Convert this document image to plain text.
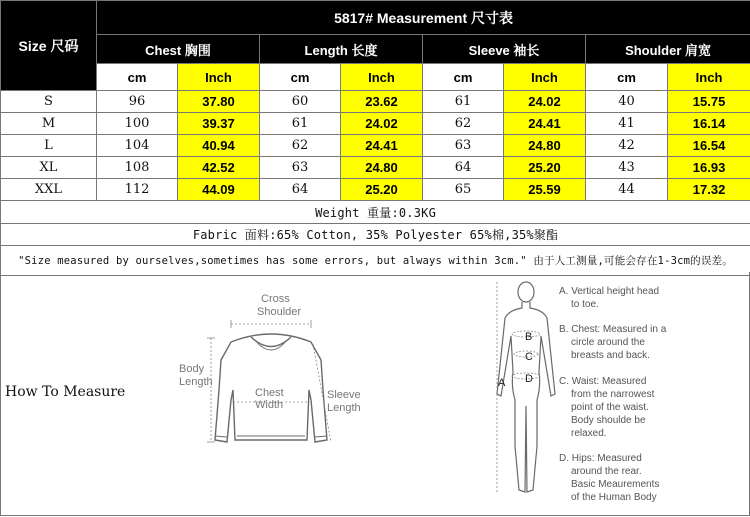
Size 尺码	5817# Measurement 尺寸表							
	Chest 胸围		Length 长度		Sleeve 袖长		Shoulder 肩宽	
	cm	Inch	cm	Inch	cm	Inch	cm	Inch
S	96	37.80	60	23.62	61	24.02	40	15.75
M	100	39.37	61	24.02	62	24.41	41	16.14
L	104	40.94	62	24.41	63	24.80	42	16.54
XL	108	42.52	63	24.80	64	25.20	43	16.93
XXL	112	44.09	64	25.20	65	25.59	44	17.32
Weight 重量:0.3KG								
Fabric 面料:65% Cotton, 35% Polyester 65%棉,35%聚酯								
"Size measured by ourselves,sometimes has some errors, but always within 3cm." 由于人工测量,可能会存在1-3cm的误差。								
How To Measure
Cross
Shoulder
Body
Length
Chest
Width
Sleeve
Length
B
C
D
A
A. Vertical height head
to toe.
B. Chest: Measured in a
circle around the
breasts and back.
C. Waist: Measured
from the narrowest
point of the waist.
Body shoulde be
relaxed.
D. Hips: Measured
around the rear.
Basic Meaurements
of the Human Body
